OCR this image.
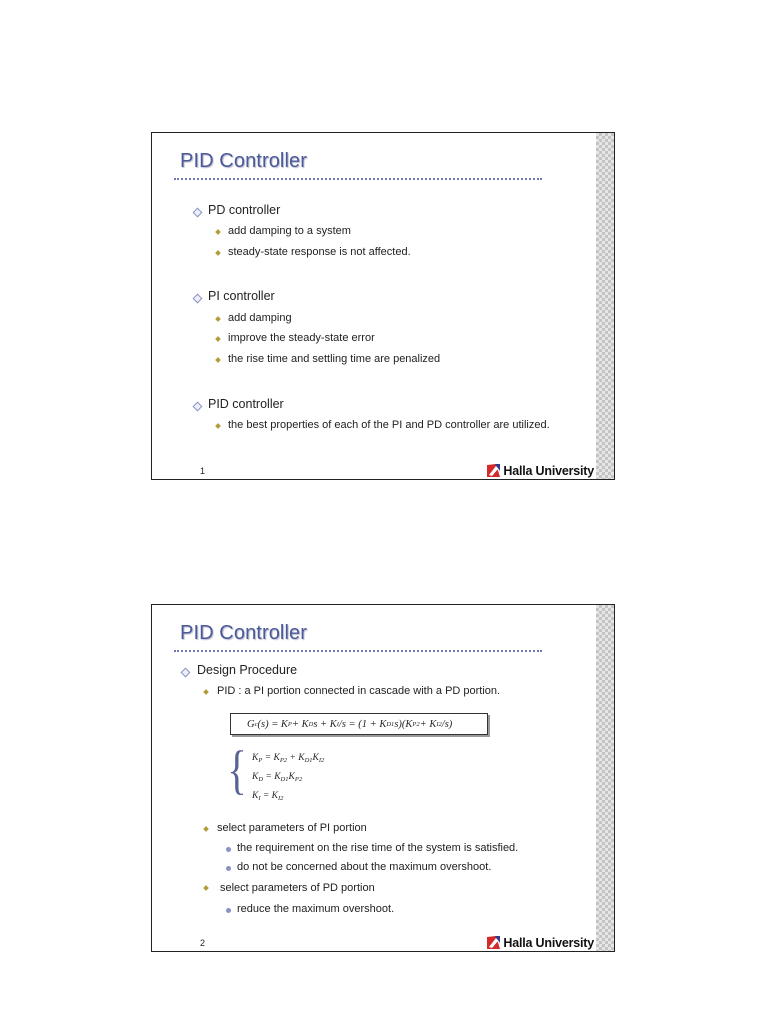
PID Controller
PD controller
add damping to a system
steady-state response is not affected.
PI controller
add damping
improve the steady-state error
the rise time and settling time are penalized
PID controller
the best properties of each of the PI and PD controller are utilized.
1	Halla University
PID Controller
Design Procedure
PID : a PI portion connected in cascade with a PD portion.
G c (s) = K P + K D s + K I /s = (1 + K D1 s)(K P2 + K I2 /s)
{ $K_P = K_{P2} + K_{D1}K_{I2}$
$K_D = K_{D1}K_{P2}$
$K_I = K_{I2}$
select parameters of PI portion
the requirement on the rise time of the system is satisfied.
do not be concerned about the maximum overshoot.
select parameters of PD portion
reduce the maximum overshoot.
2	Halla University
